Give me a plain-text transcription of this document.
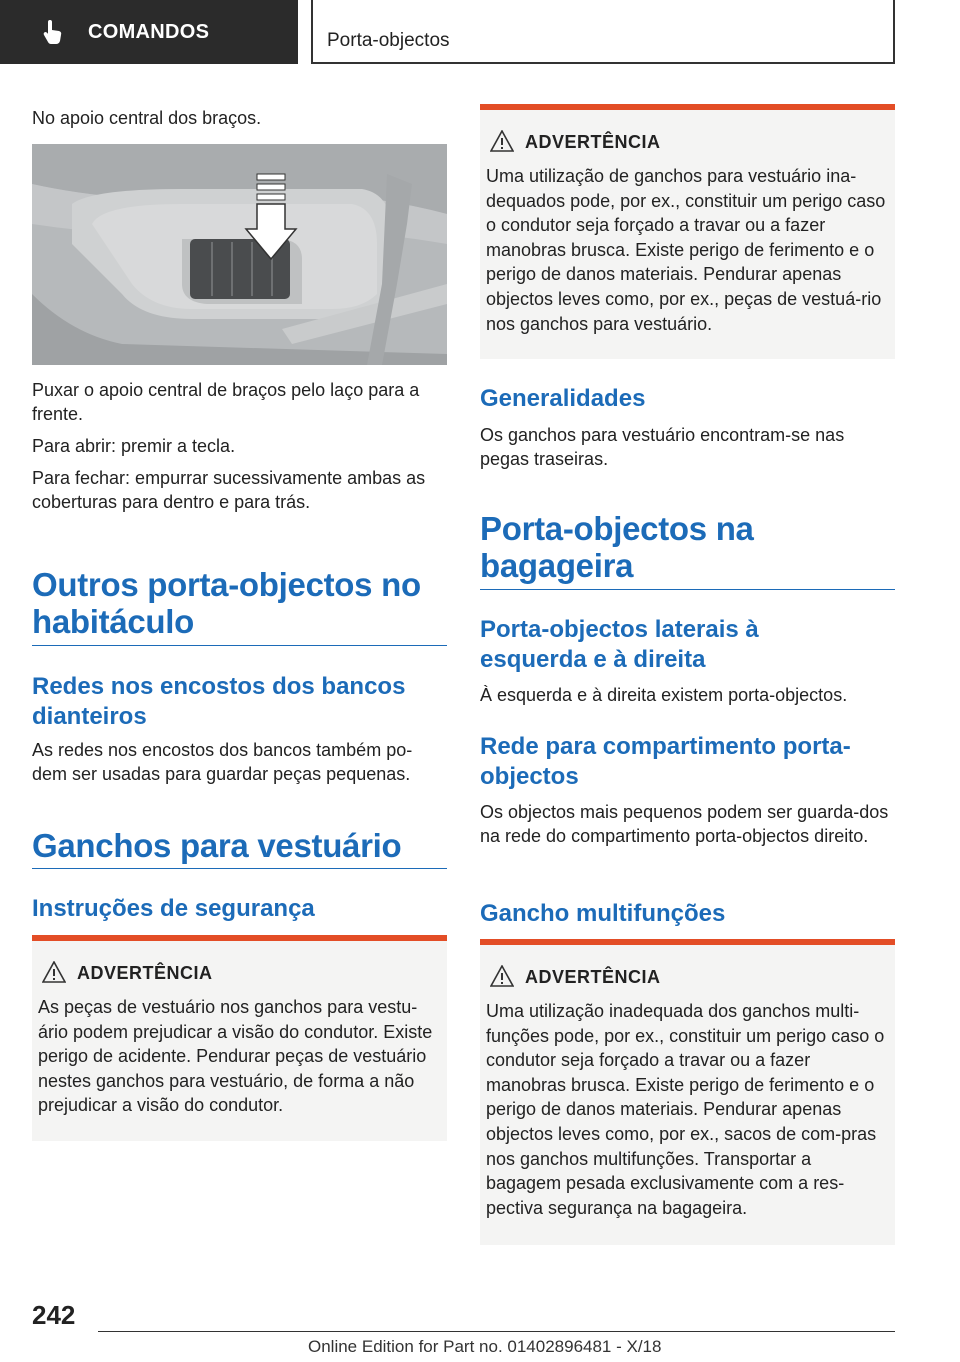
COMANDOS	Porta-objectos

No apoio central dos braços.

Puxar o apoio central de braços pelo laço para a frente.

Para abrir: premir a tecla.

Para fechar: empurrar sucessivamente ambas as coberturas para dentro e para trás.

Outros porta-objectos no
habitáculo
Redes nos encostos dos bancos
dianteiros

As redes nos encostos dos bancos também po-dem ser usadas para guardar peças pequenas.

Ganchos para vestuário
Instruções de segurança
ADVERTÊNCIA
As peças de vestuário nos ganchos para vestu-ário podem prejudicar a visão do condutor. Existe perigo de acidente. Pendurar peças de vestuário nestes ganchos para vestuário, de forma a não prejudicar a visão do condutor.
ADVERTÊNCIA
Uma utilização de ganchos para vestuário ina-dequados pode, por ex., constituir um perigo caso o condutor seja forçado a travar ou a fazer manobras brusca. Existe perigo de ferimento e o perigo de danos materiais. Pendurar apenas objectos leves como, por ex., peças de vestuá-rio nos ganchos para vestuário.
Generalidades

Os ganchos para vestuário encontram-se nas pegas traseiras.

Porta-objectos na
bagageira
Porta-objectos laterais à
esquerda e à direita

À esquerda e à direita existem porta-objectos.

Rede para compartimento porta-
objectos

Os objectos mais pequenos podem ser guarda-dos na rede do compartimento porta-objectos direito.

Gancho multifunções
ADVERTÊNCIA
Uma utilização inadequada dos ganchos multi-funções pode, por ex., constituir um perigo caso o condutor seja forçado a travar ou a fazer manobras brusca. Existe perigo de ferimento e o perigo de danos materiais. Pendurar apenas objectos leves como, por ex., sacos de com-pras nos ganchos multifunções. Transportar a bagagem pesada exclusivamente com a res-pectiva segurança na bagageira.
242
Online Edition for Part no. 01402896481 - X/18
